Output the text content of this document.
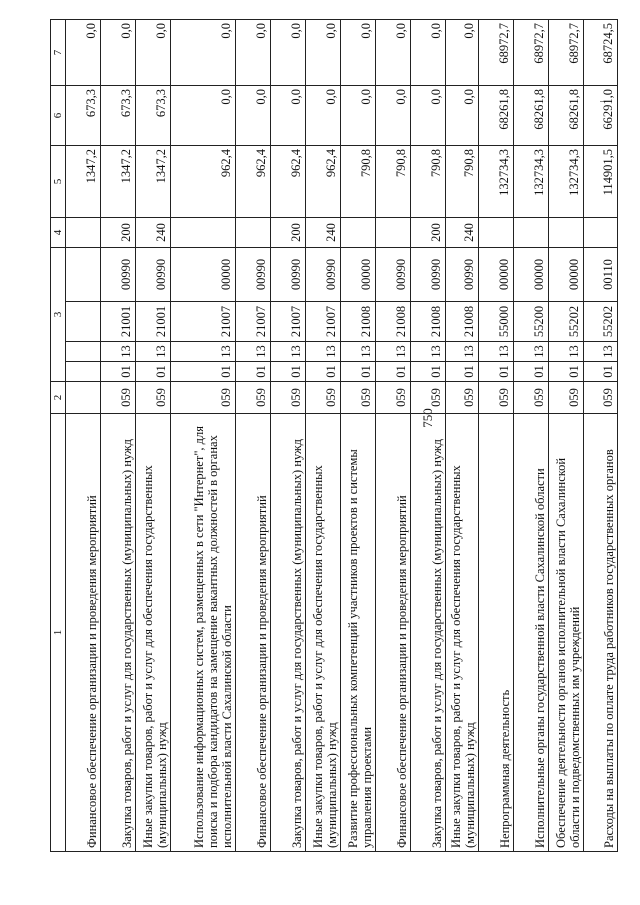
750
1	2	3				4	5	6	7
Финансовое обеспечение организации и проведения мероприятий							1347,2	673,3	0,0
Закупка товаров, работ и услуг для государственных (муниципальных) нужд	059	01	13	21001	00990	200	1347,2	673,3	0,0
Иные закупки товаров, работ и услуг для обеспечения государственных (муниципальных) нужд	059	01	13	21001	00990	240	1347,2	673,3	0,0
Использование информационных систем, размещенных в сети "Интернет", для поиска и подбора кандидатов на замещение вакантных должностей в органах исполнительной власти Сахалинской области	059	01	13	21007	00000		962,4	0,0	0,0
Финансовое обеспечение организации и проведения мероприятий	059	01	13	21007	00990		962,4	0,0	0,0
Закупка товаров, работ и услуг для государственных (муниципальных) нужд	059	01	13	21007	00990	200	962,4	0,0	0,0
Иные закупки товаров, работ и услуг для обеспечения государственных (муниципальных) нужд	059	01	13	21007	00990	240	962,4	0,0	0,0
Развитие профессиональных компетенций участников проектов и системы управления проектами	059	01	13	21008	00000		790,8	0,0	0,0
Финансовое обеспечение организации и проведения мероприятий	059	01	13	21008	00990		790,8	0,0	0,0
Закупка товаров, работ и услуг для государственных (муниципальных) нужд	059	01	13	21008	00990	200	790,8	0,0	0,0
Иные закупки товаров, работ и услуг для обеспечения государственных (муниципальных) нужд	059	01	13	21008	00990	240	790,8	0,0	0,0
Непрограммная деятельность	059	01	13	55000	00000		132734,3	68261,8	68972,7
Исполнительные органы государственной власти Сахалинской области	059	01	13	55200	00000		132734,3	68261,8	68972,7
Обеспечение деятельности органов исполнительной власти Сахалинской области и подведомственных им учреждений	059	01	13	55202	00000		132734,3	68261,8	68972,7
Расходы на выплаты по оплате труда работников государственных органов	059	01	13	55202	00110		114901,5	66291,0	68724,5
